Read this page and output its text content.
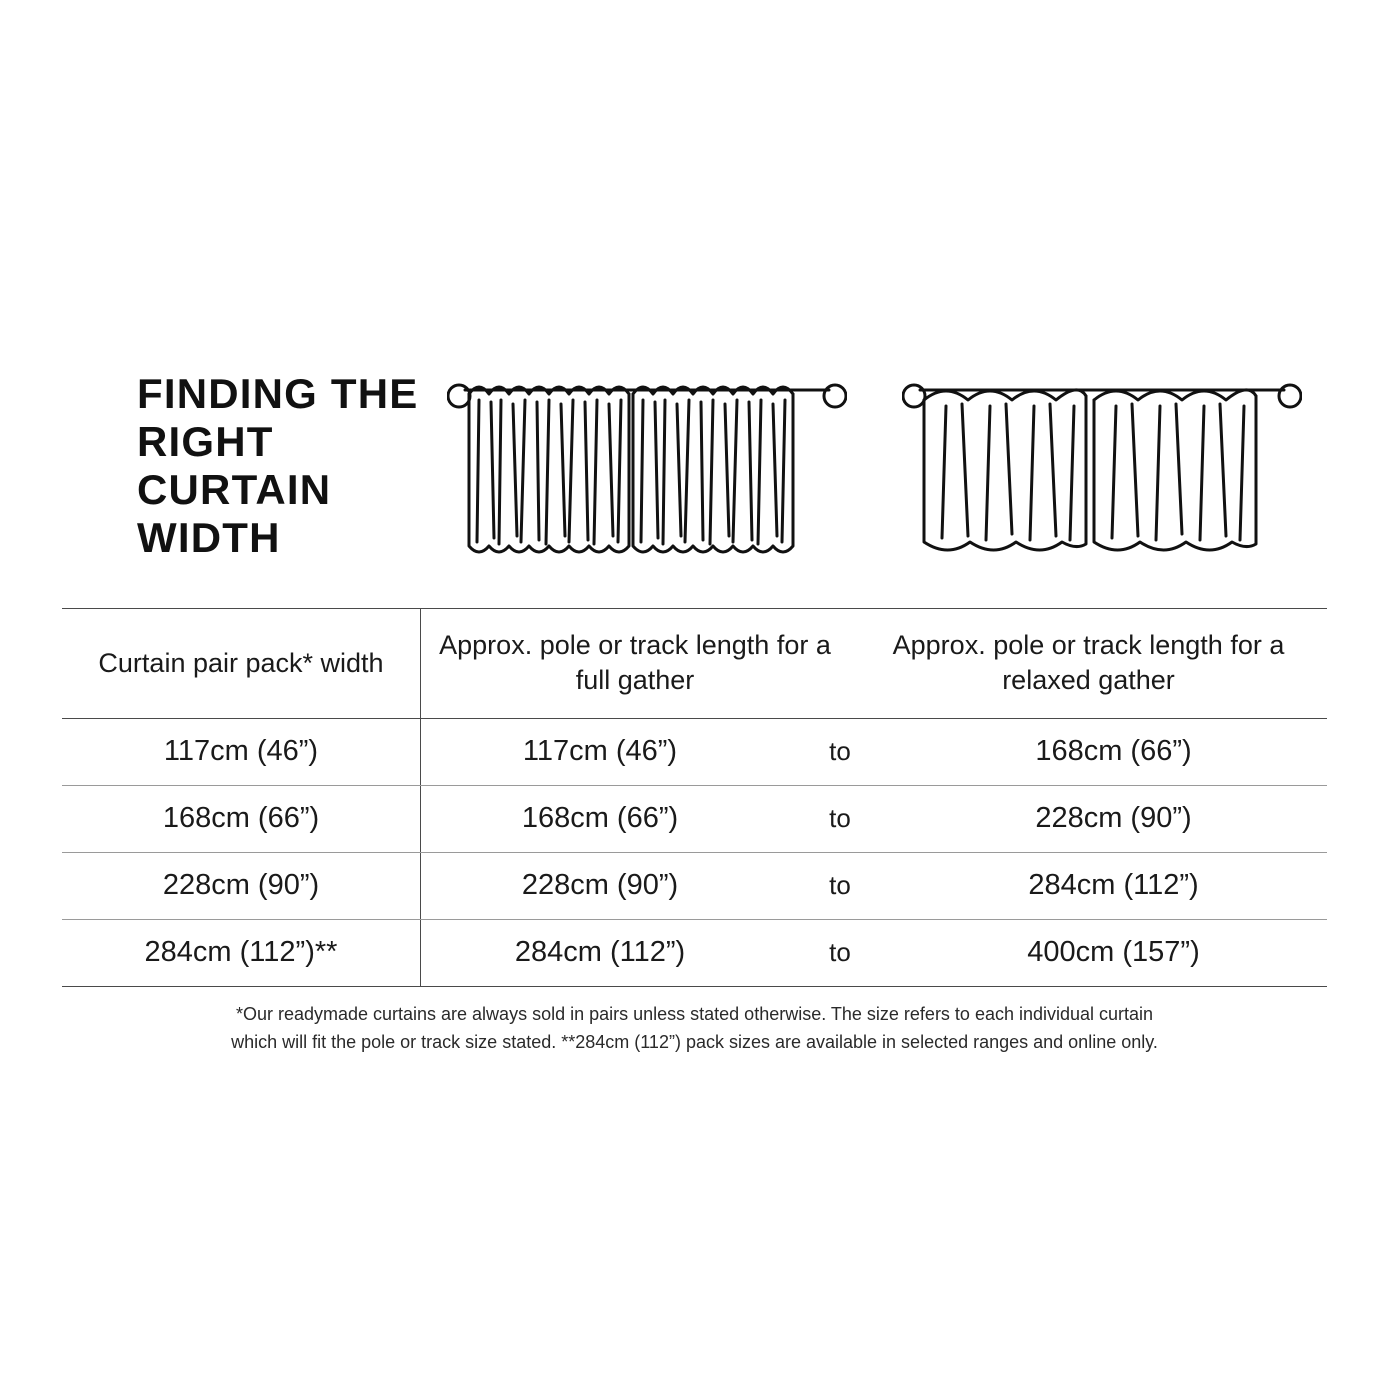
FINDING THE RIGHT CURTAIN WIDTH
Curtain pair pack* width
Approx. pole or track length for a full gather
Approx. pole or track length for a relaxed gather
117cm (46”)	117cm (46”)	to	168cm (66”)
168cm (66”)	168cm (66”)	to	228cm (90”)
228cm (90”)	228cm (90”)	to	284cm (112”)
284cm (112”)**	284cm (112”)	to	400cm (157”)
*Our readymade curtains are always sold in pairs unless stated otherwise. The size refers to each individual curtain
which will fit the pole or track size stated. **284cm (112”) pack sizes are available in selected ranges and online only.
